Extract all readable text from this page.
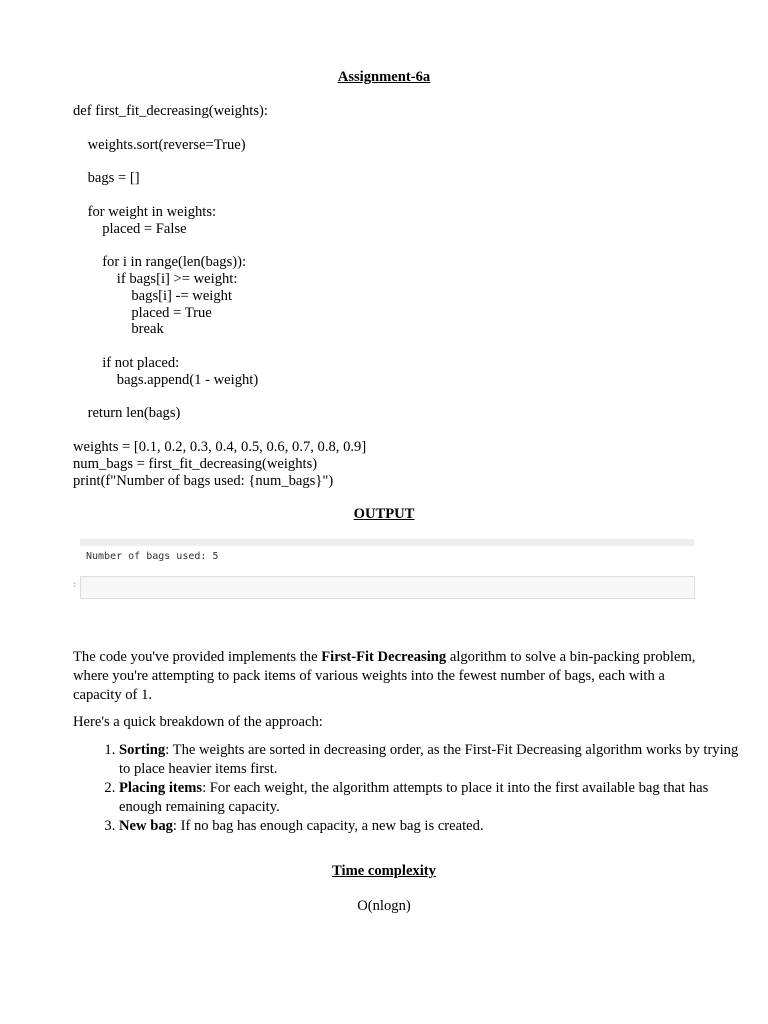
Assignment-6a
def first_fit_decreasing(weights):
weights.sort(reverse=True)
bags = []
for weight in weights:
placed = False
for i in range(len(bags)):
if bags[i] >= weight:
bags[i] -= weight
placed = True
break
if not placed:
bags.append(1 - weight)
return len(bags)
weights = [0.1, 0.2, 0.3, 0.4, 0.5, 0.6, 0.7, 0.8, 0.9]
num_bags = first_fit_decreasing(weights)
print(f"Number of bags used: {num_bags}")
OUTPUT
Number of bags used: 5
:
The code you've provided implements the First-Fit Decreasing algorithm to solve a bin-packing problem, where you're attempting to pack items of various weights into the fewest number of bags, each with a capacity of 1.
Here's a quick breakdown of the approach:
1. Sorting: The weights are sorted in decreasing order, as the First-Fit Decreasing algorithm works by trying to place heavier items first.
2. Placing items: For each weight, the algorithm attempts to place it into the first available bag that has enough remaining capacity.
3. New bag: If no bag has enough capacity, a new bag is created.
Time complexity
O(nlogn)
